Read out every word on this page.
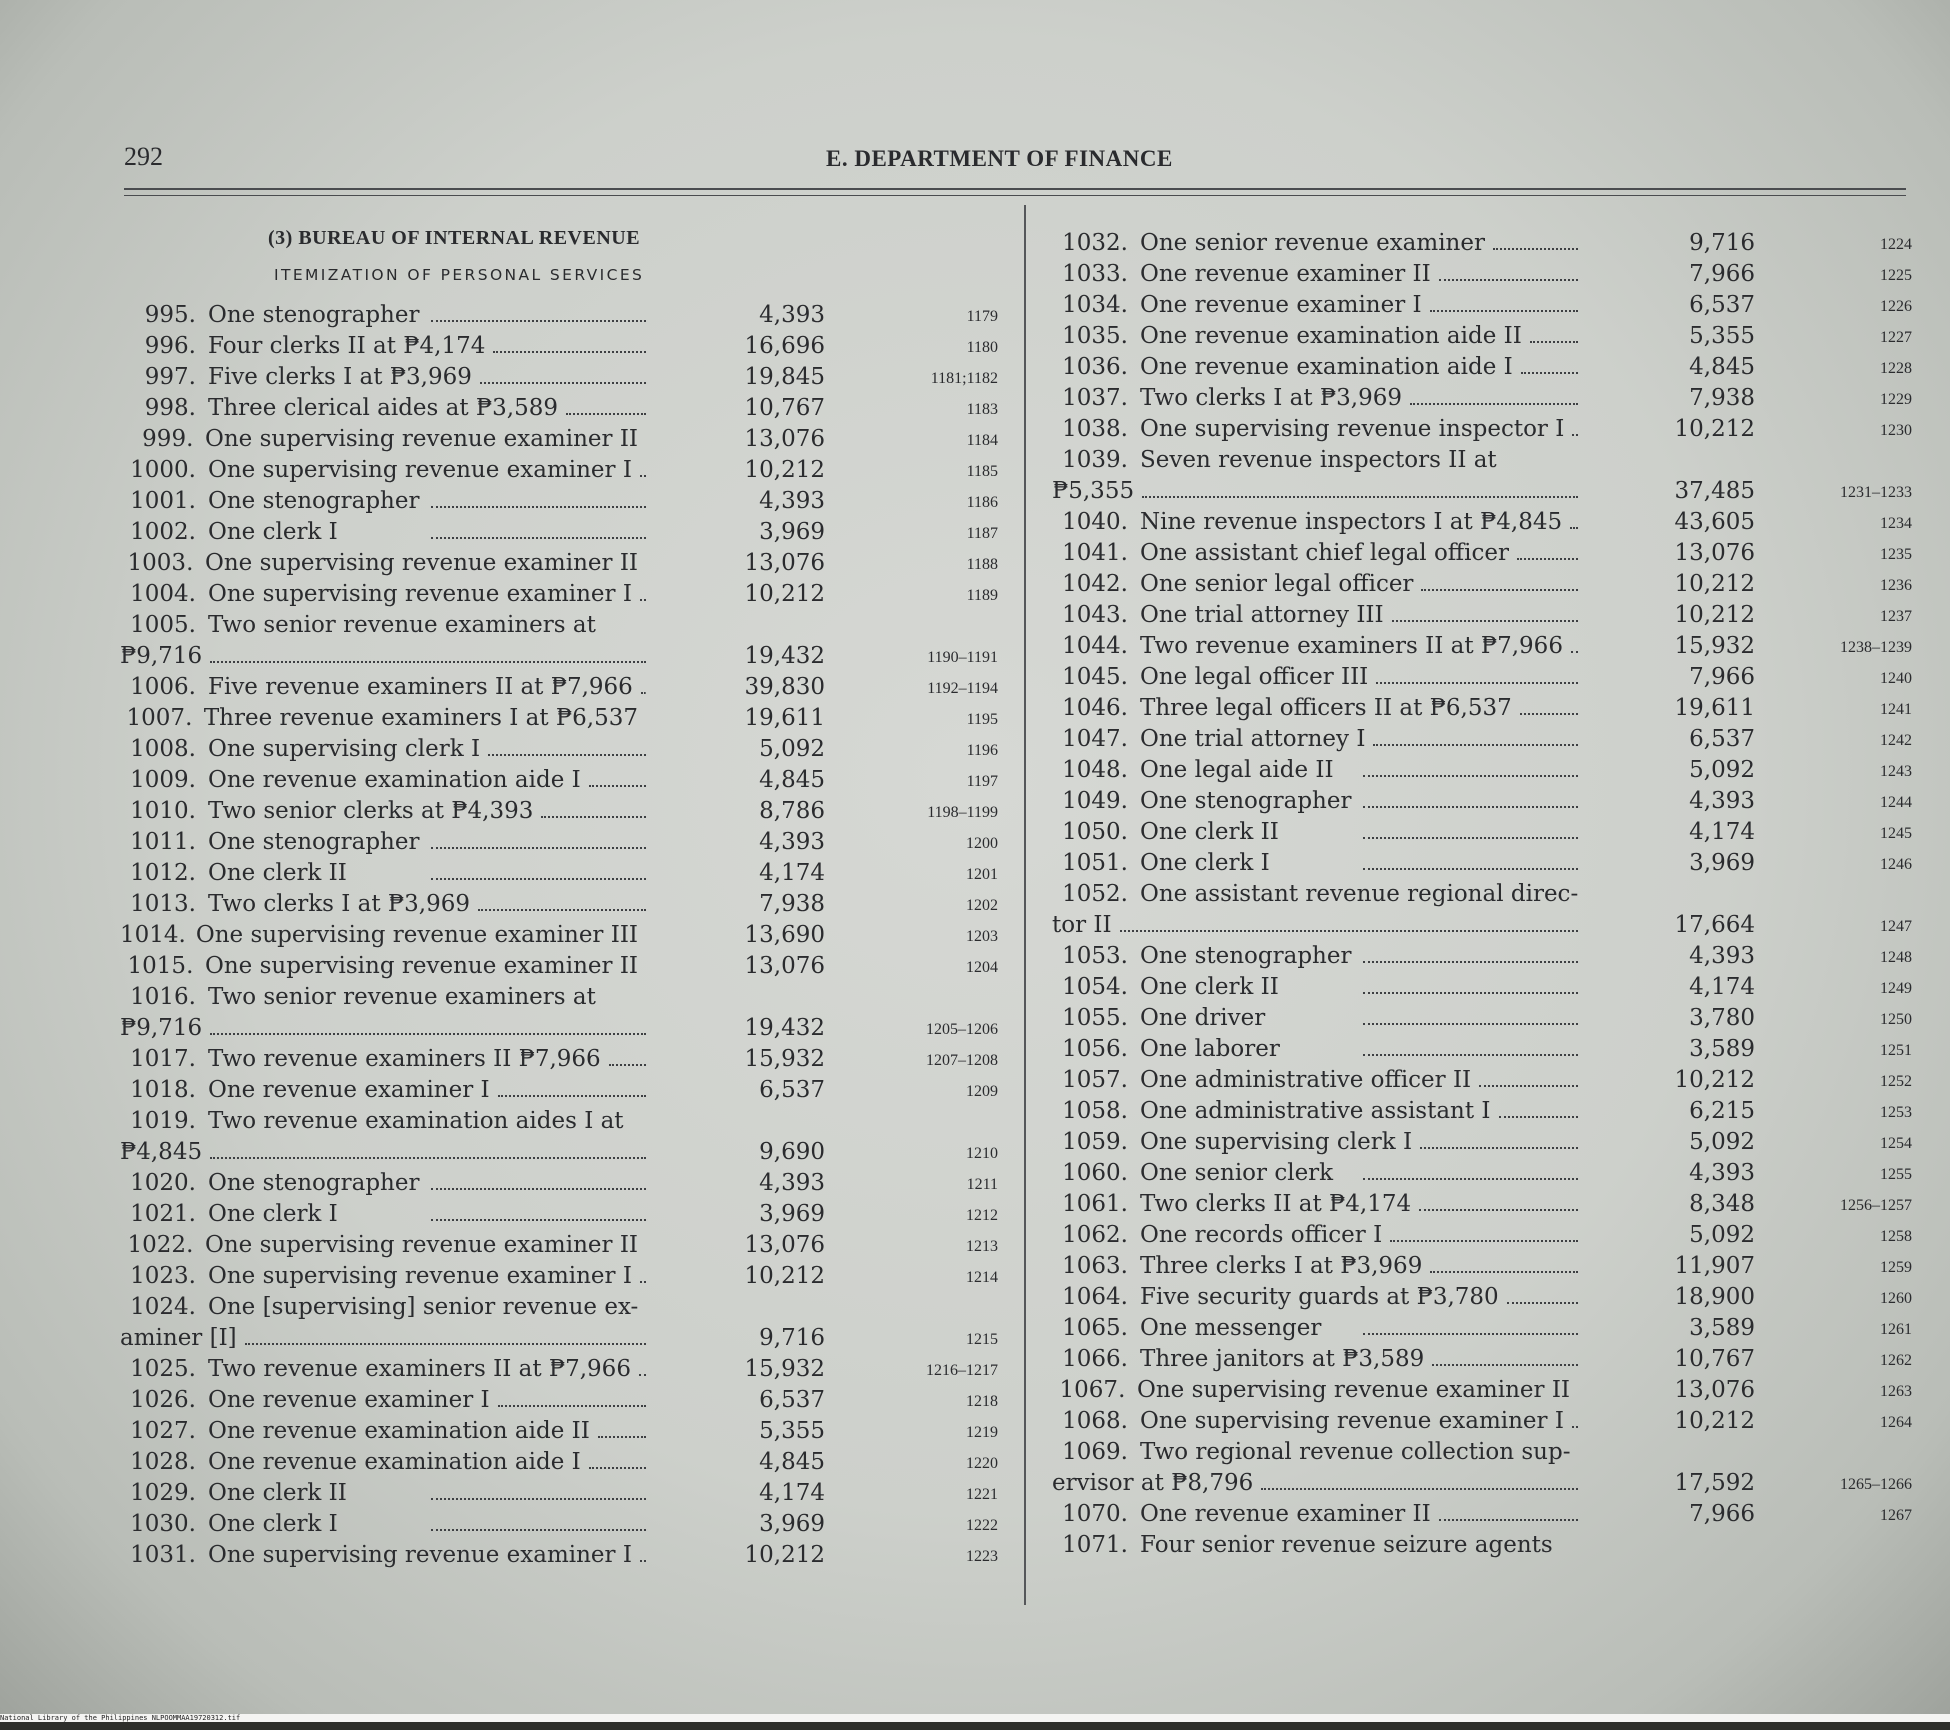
292	E. DEPARTMENT OF FINANCE
(3) BUREAU OF INTERNAL REVENUE
ITEMIZATION OF PERSONAL SERVICES
995. One stenographer	4,393	1179
996. Four clerks II at ₱4,174	16,696	1180
997. Five clerks I at ₱3,969	19,845	1181;1182
998. Three clerical aides at ₱3,589	10,767	1183
999. One supervising revenue examiner II	13,076	1184
1000. One supervising revenue examiner I	10,212	1185
1001. One stenographer	4,393	1186
1002. One clerk I	3,969	1187
1003. One supervising revenue examiner II	13,076	1188
1004. One supervising revenue examiner I	10,212	1189
1005. Two senior revenue examiners at
₱9,716	19,432	1190–1191
1006. Five revenue examiners II at ₱7,966	39,830	1192–1194
1007. Three revenue examiners I at ₱6,537	19,611	1195
1008. One supervising clerk I	5,092	1196
1009. One revenue examination aide I	4,845	1197
1010. Two senior clerks at ₱4,393	8,786	1198–1199
1011. One stenographer	4,393	1200
1012. One clerk II	4,174	1201
1013. Two clerks I at ₱3,969	7,938	1202
1014. One supervising revenue examiner III	13,690	1203
1015. One supervising revenue examiner II	13,076	1204
1016. Two senior revenue examiners at
₱9,716	19,432	1205–1206
1017. Two revenue examiners II ₱7,966	15,932	1207–1208
1018. One revenue examiner I	6,537	1209
1019. Two revenue examination aides I at
₱4,845	9,690	1210
1020. One stenographer	4,393	1211
1021. One clerk I	3,969	1212
1022. One supervising revenue examiner II	13,076	1213
1023. One supervising revenue examiner I	10,212	1214
1024. One [supervising] senior revenue ex-
aminer [I]	9,716	1215
1025. Two revenue examiners II at ₱7,966	15,932	1216–1217
1026. One revenue examiner I	6,537	1218
1027. One revenue examination aide II	5,355	1219
1028. One revenue examination aide I	4,845	1220
1029. One clerk II	4,174	1221
1030. One clerk I	3,969	1222
1031. One supervising revenue examiner I	10,212	1223
1032. One senior revenue examiner	9,716	1224
1033. One revenue examiner II	7,966	1225
1034. One revenue examiner I	6,537	1226
1035. One revenue examination aide II	5,355	1227
1036. One revenue examination aide I	4,845	1228
1037. Two clerks I at ₱3,969	7,938	1229
1038. One supervising revenue inspector I	10,212	1230
1039. Seven revenue inspectors II at
₱5,355	37,485	1231–1233
1040. Nine revenue inspectors I at ₱4,845	43,605	1234
1041. One assistant chief legal officer	13,076	1235
1042. One senior legal officer	10,212	1236
1043. One trial attorney III	10,212	1237
1044. Two revenue examiners II at ₱7,966	15,932	1238–1239
1045. One legal officer III	7,966	1240
1046. Three legal officers II at ₱6,537	19,611	1241
1047. One trial attorney I	6,537	1242
1048. One legal aide II	5,092	1243
1049. One stenographer	4,393	1244
1050. One clerk II	4,174	1245
1051. One clerk I	3,969	1246
1052. One assistant revenue regional direc-
tor II	17,664	1247
1053. One stenographer	4,393	1248
1054. One clerk II	4,174	1249
1055. One driver	3,780	1250
1056. One laborer	3,589	1251
1057. One administrative officer II	10,212	1252
1058. One administrative assistant I	6,215	1253
1059. One supervising clerk I	5,092	1254
1060. One senior clerk	4,393	1255
1061. Two clerks II at ₱4,174	8,348	1256–1257
1062. One records officer I	5,092	1258
1063. Three clerks I at ₱3,969	11,907	1259
1064. Five security guards at ₱3,780	18,900	1260
1065. One messenger	3,589	1261
1066. Three janitors at ₱3,589	10,767	1262
1067. One supervising revenue examiner II	13,076	1263
1068. One supervising revenue examiner I	10,212	1264
1069. Two regional revenue collection sup-
ervisor at ₱8,796	17,592	1265–1266
1070. One revenue examiner II	7,966	1267
1071. Four senior revenue seizure agents
National Library of the Philippines NLPOOMMAA19720312.tif
